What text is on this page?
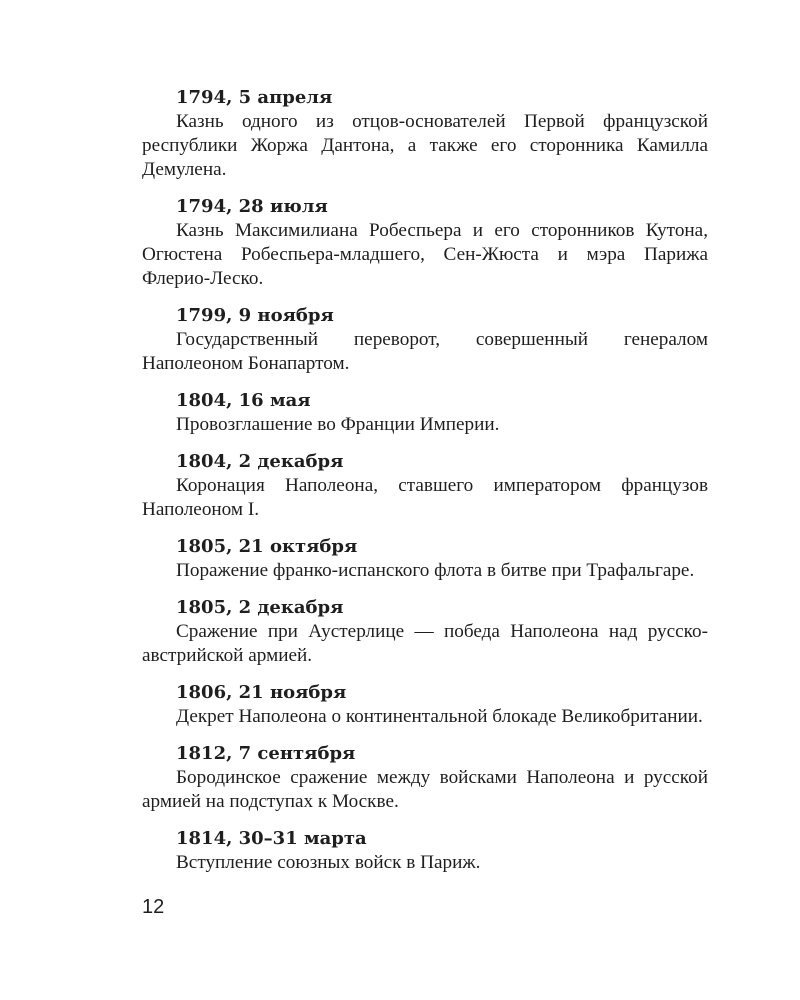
1794, 5 апреля
Казнь одного из отцов-основателей Первой французской республики Жоржа Дантона, а также его сторонника Камилла Демулена.
1794, 28 июля
Казнь Максимилиана Робеспьера и его сторонников Кутона, Огюстена Робеспьера-младшего, Сен-Жюста и мэра Парижа Флерио-Леско.
1799, 9 ноября
Государственный переворот, совершенный генералом Наполеоном Бонапартом.
1804, 16 мая
Провозглашение во Франции Империи.
1804, 2 декабря
Коронация Наполеона, ставшего императором французов Наполеоном I.
1805, 21 октября
Поражение франко-испанского флота в битве при Трафальгаре.
1805, 2 декабря
Сражение при Аустерлице — победа Наполеона над русско-австрийской армией.
1806, 21 ноября
Декрет Наполеона о континентальной блокаде Великобритании.
1812, 7 сентября
Бородинское сражение между войсками Наполеона и русской армией на подступах к Москве.
1814, 30–31 марта
Вступление союзных войск в Париж.
12
